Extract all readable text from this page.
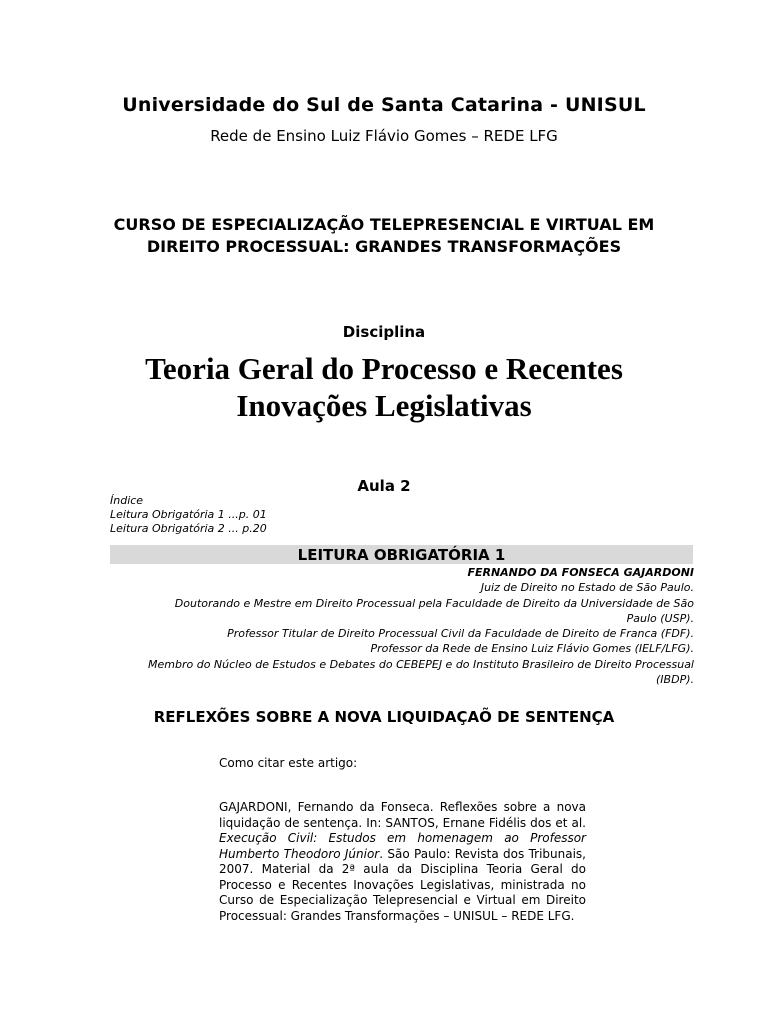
Universidade do Sul de Santa Catarina - UNISUL
Rede de Ensino Luiz Flávio Gomes – REDE LFG
CURSO DE ESPECIALIZAÇÃO TELEPRESENCIAL E VIRTUAL EM
DIREITO PROCESSUAL: GRANDES TRANSFORMAÇÕES
Disciplina
Teoria Geral do Processo e Recentes
Inovações Legislativas
Aula 2
Índice
Leitura Obrigatória 1 ...p. 01
Leitura Obrigatória 2 ... p.20
LEITURA OBRIGATÓRIA 1
FERNANDO DA FONSECA GAJARDONI
Juiz de Direito no Estado de São Paulo.
Doutorando e Mestre em Direito Processual pela Faculdade de Direito da Universidade de São
Paulo (USP).
Professor Titular de Direito Processual Civil da Faculdade de Direito de Franca (FDF).
Professor da Rede de Ensino Luiz Flávio Gomes (IELF/LFG).
Membro do Núcleo de Estudos e Debates do CEBEPEJ e do Instituto Brasileiro de Direito Processual
(IBDP).
REFLEXÕES SOBRE A NOVA LIQUIDAÇAÕ DE SENTENÇA
Como citar este artigo:
GAJARDONI, Fernando da Fonseca. Reflexões sobre a nova liquidação de sentença. In: SANTOS, Ernane Fidélis dos et al. Execução Civil: Estudos em homenagem ao Professor Humberto Theodoro Júnior. São Paulo: Revista dos Tribunais, 2007. Material da 2ª aula da Disciplina Teoria Geral do Processo e Recentes Inovações Legislativas, ministrada no Curso de Especialização Telepresencial e Virtual em Direito Processual: Grandes Transformações – UNISUL – REDE LFG.
